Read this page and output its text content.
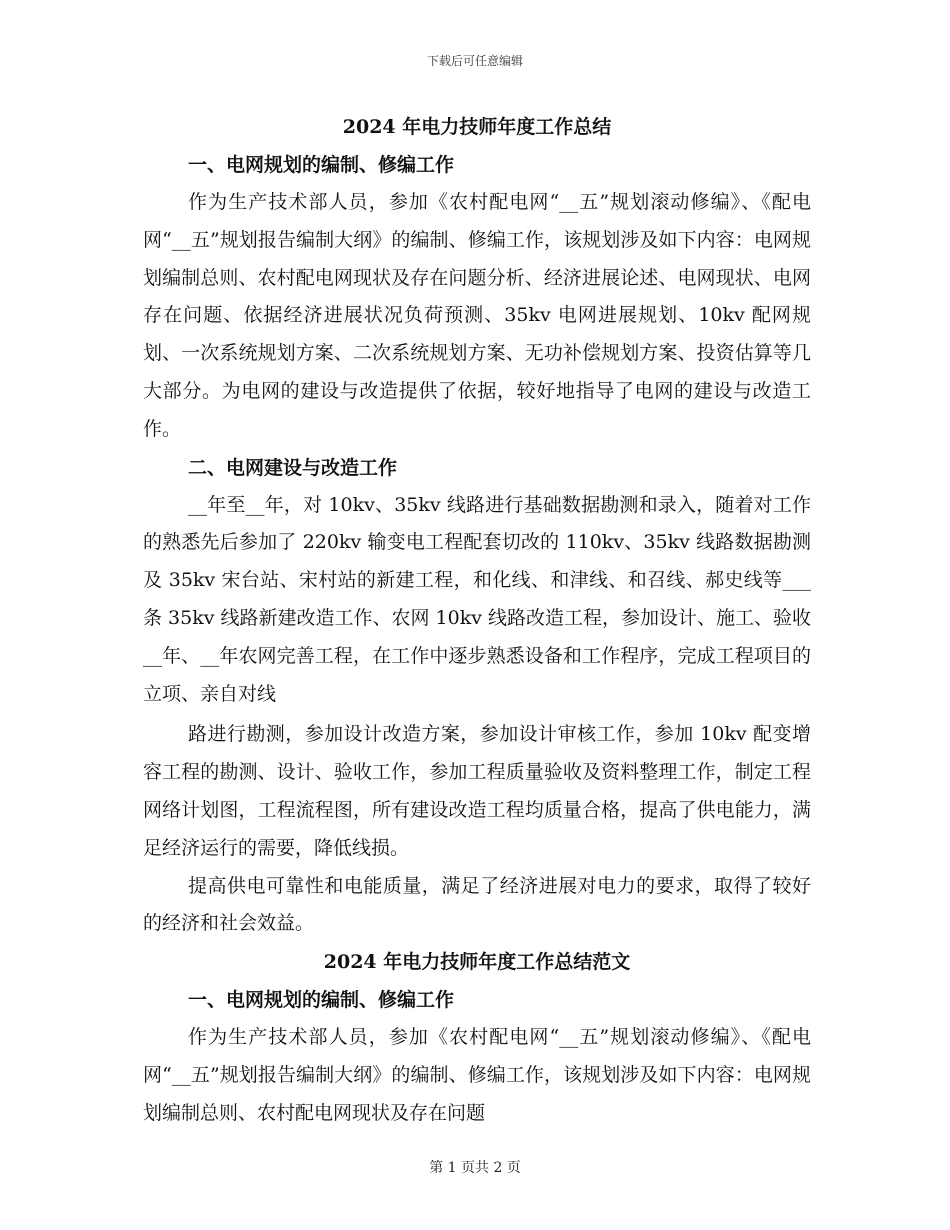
下载后可任意编辑
2024 年电力技师年度工作总结
一、电网规划的编制、修编工作
作为生产技术部人员，参加《农村配电网“__五”规划滚动修编》、《配电网“__五”规划报告编制大纲》的编制、修编工作，该规划涉及如下内容：电网规划编制总则、农村配电网现状及存在问题分析、经济进展论述、电网现状、电网存在问题、依据经济进展状况负荷预测、35kv 电网进展规划、10kv 配网规划、一次系统规划方案、二次系统规划方案、无功补偿规划方案、投资估算等几大部分。为电网的建设与改造提供了依据，较好地指导了电网的建设与改造工作。
二、电网建设与改造工作
__年至__年，对 10kv、35kv 线路进行基础数据勘测和录入，随着对工作的熟悉先后参加了 220kv 输变电工程配套切改的 110kv、35kv 线路数据勘测及 35kv 宋台站、宋村站的新建工程，和化线、和津线、和召线、郝史线等___条 35kv 线路新建改造工作、农网 10kv 线路改造工程，参加设计、施工、验收__年、__年农网完善工程，在工作中逐步熟悉设备和工作程序，完成工程项目的立项、亲自对线
路进行勘测，参加设计改造方案，参加设计审核工作，参加 10kv 配变增容工程的勘测、设计、验收工作，参加工程质量验收及资料整理工作，制定工程网络计划图，工程流程图，所有建设改造工程均质量合格，提高了供电能力，满足经济运行的需要，降低线损。
提高供电可靠性和电能质量，满足了经济进展对电力的要求，取得了较好的经济和社会效益。
2024 年电力技师年度工作总结范文
一、电网规划的编制、修编工作
作为生产技术部人员，参加《农村配电网“__五”规划滚动修编》、《配电网“__五”规划报告编制大纲》的编制、修编工作，该规划涉及如下内容：电网规划编制总则、农村配电网现状及存在问题
第 1 页共 2 页
